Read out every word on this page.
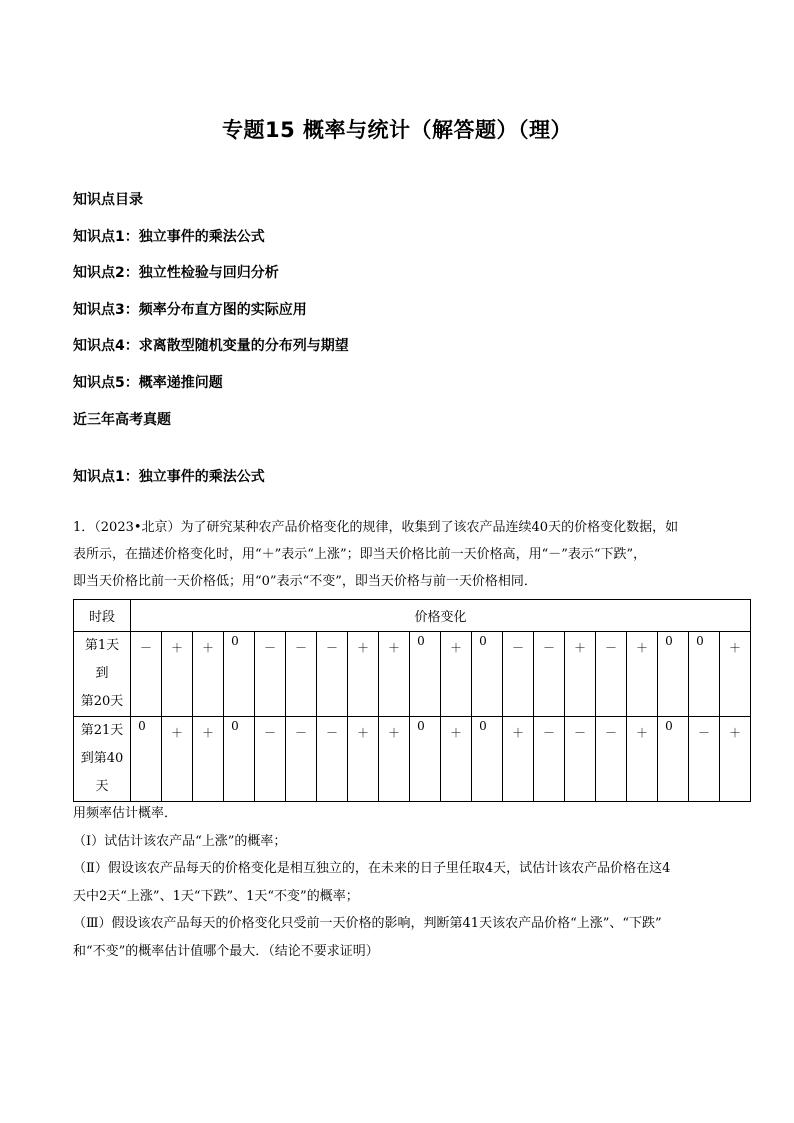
专题15 概率与统计（解答题）（理）
知识点目录
知识点1：独立事件的乘法公式
知识点2：独立性检验与回归分析
知识点3：频率分布直方图的实际应用
知识点4：求离散型随机变量的分布列与期望
知识点5：概率递推问题
近三年高考真题
知识点1：独立事件的乘法公式

1．（2023•北京）为了研究某种农产品价格变化的规律，收集到了该农产品连续40天的价格变化数据，如

表所示，在描述价格变化时，用“＋”表示“上涨”；即当天价格比前一天价格高，用“－”表示“下跌”，

即当天价格比前一天价格低；用“0”表示“不变”，即当天价格与前一天价格相同．

时段	价格变化																			

第1天
到
第20天	－	＋	＋	0	－	－	－	＋	＋	0	＋	0	－	－	＋	－	＋	0	0	＋

第21天
到第40
天	0	＋	＋	0	－	－	－	＋	＋	0	＋	0	＋	－	－	－	＋	0	－	＋

用频率估计概率．

（Ⅰ）试估计该农产品“上涨”的概率；

（Ⅱ）假设该农产品每天的价格变化是相互独立的，在未来的日子里任取4天，试估计该农产品价格在这4

天中2天“上涨”、1天“下跌”、1天“不变”的概率；

（Ⅲ）假设该农产品每天的价格变化只受前一天价格的影响，判断第41天该农产品价格“上涨”、“下跌”

和“不变”的概率估计值哪个最大．（结论不要求证明）
